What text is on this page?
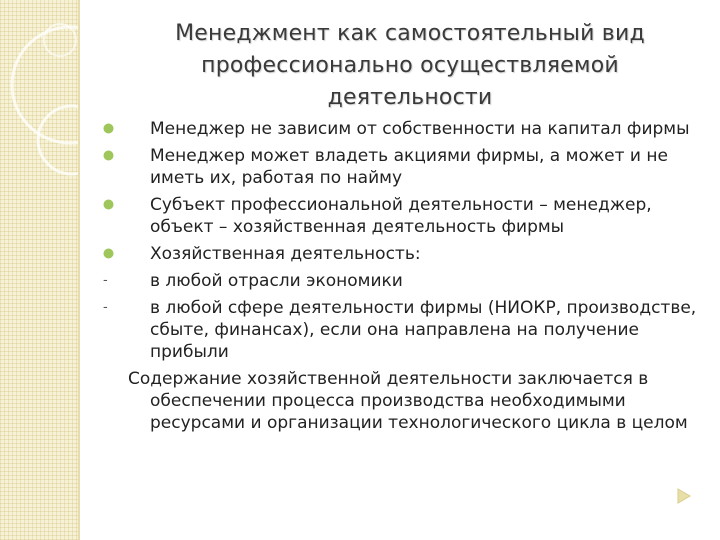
Менеджмент как самостоятельный вид профессионально осуществляемой деятельности
Менеджер не зависим от собственности на капитал фирмы
Менеджер может владеть акциями фирмы, а может и не иметь их, работая по найму
Субъект профессиональной деятельности – менеджер, объект – хозяйственная деятельность фирмы
Хозяйственная деятельность:
- в любой отрасли экономики
- в любой сфере деятельности фирмы (НИОКР, производстве, сбыте, финансах), если она направлена на получение прибыли
Содержание хозяйственной деятельности заключается в обеспечении процесса производства необходимыми ресурсами и организации технологического цикла в целом
